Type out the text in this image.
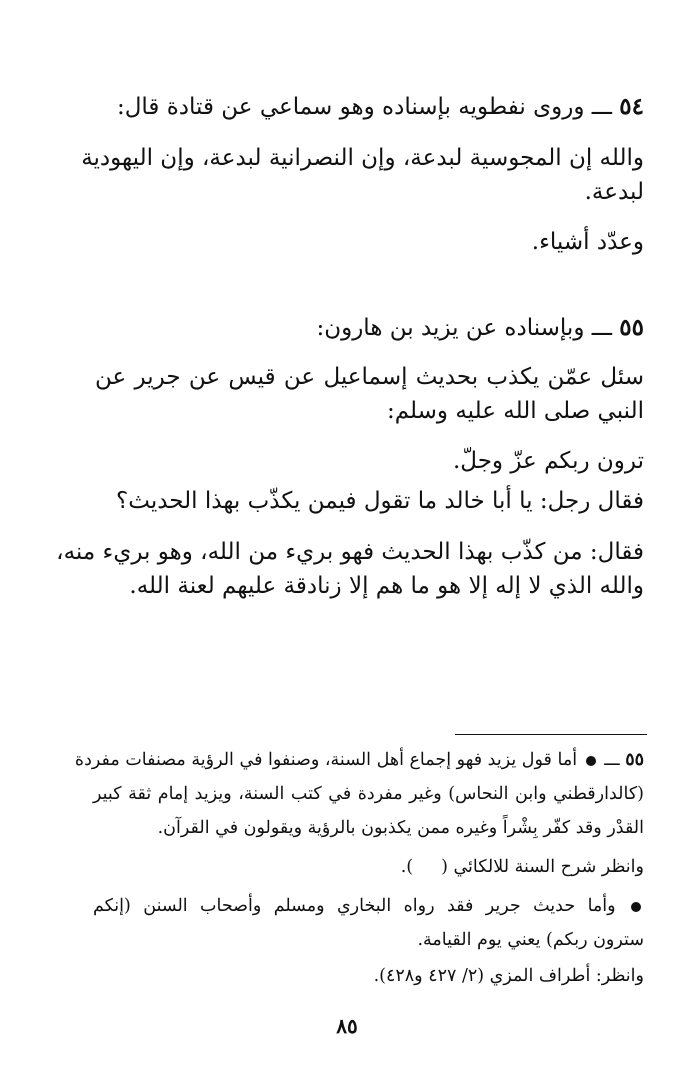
٥٤ ـــ وروى نفطويه بإسناده وهو سماعي عن قتادة قال:
والله إن المجوسية لبدعة، وإن النصرانية لبدعة، وإن اليهودية
لبدعة.
وعدّد أشياء.
٥٥ ـــ وبإسناده عن يزيد بن هارون:
سئل عمّن يكذب بحديث إسماعيل عن قيس عن جرير عن
النبي صلى الله عليه وسلم:
ترون ربكم عزّ وجلّ.
فقال رجل: يا أبا خالد ما تقول فيمن يكذّب بهذا الحديث؟
فقال: من كذّب بهذا الحديث فهو بريء من الله، وهو بريء منه،
والله الذي لا إله إلا هو ما هم إلا زنادقة عليهم لعنة الله.
٥٥ ـــ  أما قول يزيد فهو إجماع أهل السنة، وصنفوا في الرؤية مصنفات مفردة
(كالدارقطني وابن النحاس) وغير مفردة في كتب السنة، ويزيد إمام ثقة كبير
القدْر وقد كفّر بِشْراً وغيره ممن يكذبون بالرؤية ويقولون في القرآن.
وانظر شرح السنة للالكائي ().
وأما حديث جرير فقد رواه البخاري ومسلم وأصحاب السنن (إنكم
سترون ربكم) يعني يوم القيامة.
وانظر: أطراف المزي (٢/ ٤٢٧ و٤٢٨).
٨٥
